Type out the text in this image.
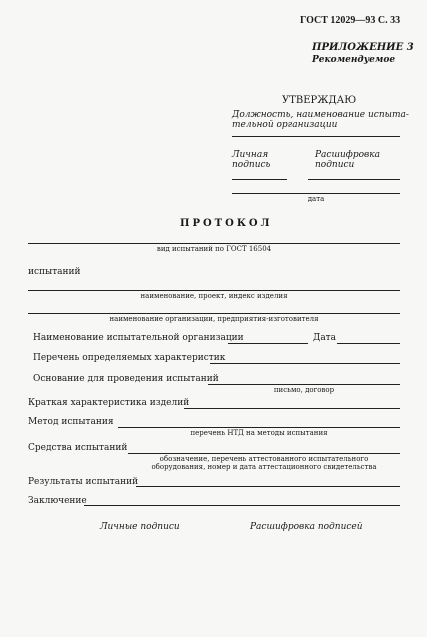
ГОСТ 12029—93 С. 33
ПРИЛОЖЕНИЕ 3
Рекомендуемое
УТВЕРЖДАЮ
Должность, наименование испыта-
тельной организации
Личная
подпись
Расшифровка
подписи
дата
ПРОТОКОЛ
вид испытаний по ГОСТ 16504
испытаний
наименование, проект, индекс изделия
наименование организации, предприятия-изготовителя
Наименование испытательной организации	Дата
Перечень определяемых характеристик
Основание для проведения испытаний
письмо, договор
Краткая характеристика изделий
Метод испытания
перечень НТД на методы испытания
Средства испытаний
обозначение, перечень аттестованного испытательного
оборудования, номер и дата аттестационного свидетельства
Результаты испытаний
Заключение
Личные подписи	Расшифровка подписей
